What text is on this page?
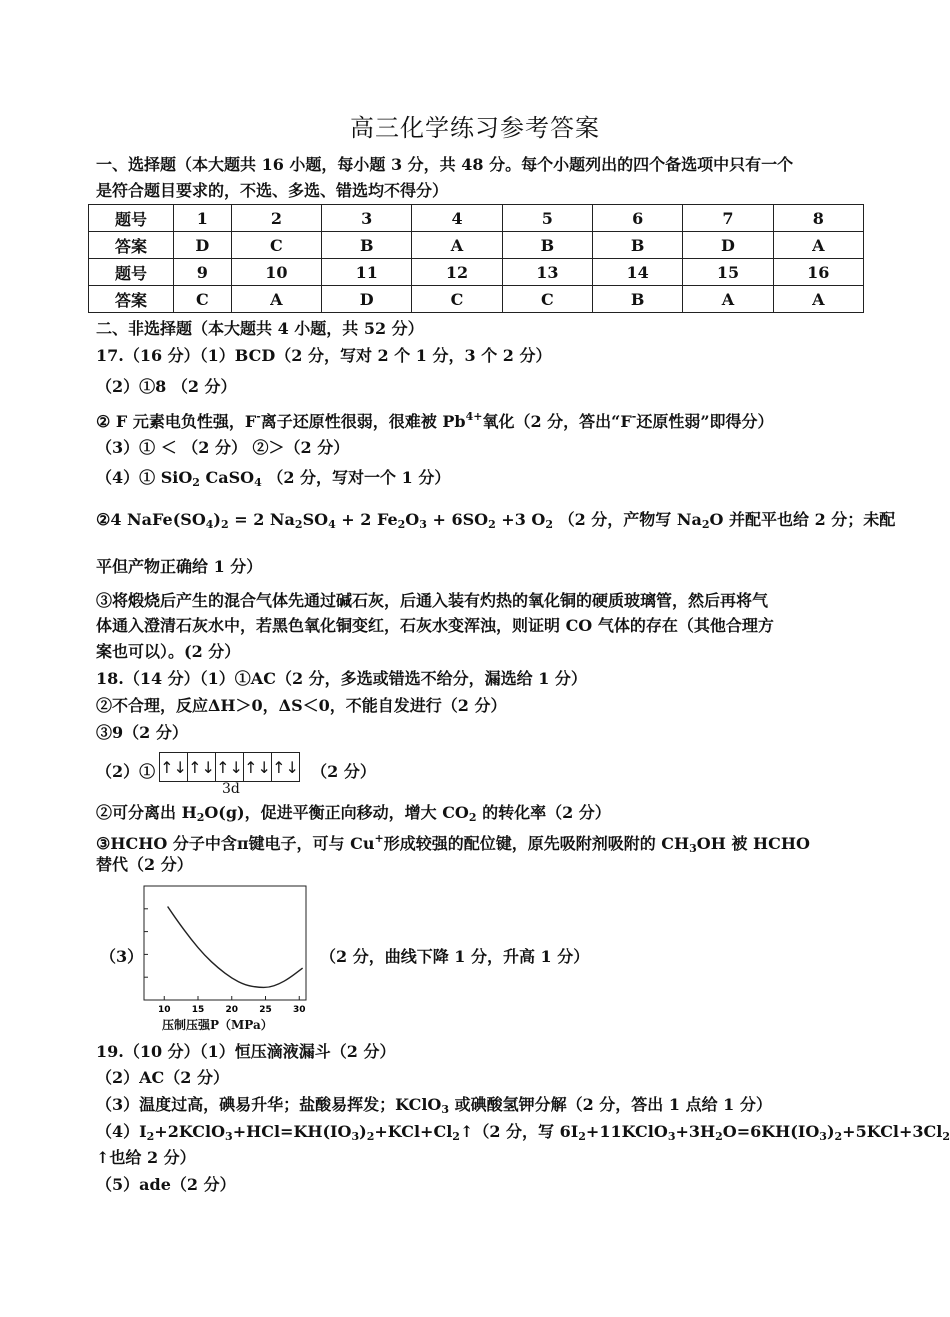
高三化学练习参考答案
一、选择题（本大题共 16 小题，每小题 3 分，共 48 分。每个小题列出的四个备选项中只有一个
是符合题目要求的，不选、多选、错选均不得分）
题号	1	2	3	4	5	6	7	8
答案	D	C	B	A	B	B	D	A
题号	9	10	11	12	13	14	15	16
答案	C	A	D	C	C	B	A	A
二、非选择题（本大题共 4 小题，共 52 分）
17.（16 分）（1）BCD（2 分，写对 2 个 1 分，3 个 2 分）
（2）①8 （2 分）
② F 元素电负性强，F-离子还原性很弱，很难被 $Pb^{4+}$氧化（2 分，答出“F-还原性弱”即得分）
（3）① ＜ （2 分） ②＞（2 分）
（4）① SiO$_2$ CaSO$_4$ （2 分，写对一个 1 分）
②4 $NaFe(SO_4)_2 = 2$ $Na_2SO_4 + 2$ $Fe_2O_3 + 6SO_2 +3$ $O_2$ （2 分，产物写 $Na_2O$ 并配平也给 2 分；未配
平但产物正确给 1 分）
③将煅烧后产生的混合气体先通过碱石灰，后通入装有灼热的氧化铜的硬质玻璃管，然后再将气
体通入澄清石灰水中，若黑色氧化铜变红，石灰水变浑浊，则证明 CO 气体的存在（其他合理方
案也可以）。(2 分）
18.（14 分）（1）①AC（2 分，多选或错选不给分，漏选给 1 分）
②不合理，反应ΔH＞0，ΔS＜0，不能自发进行（2 分）
③9（2 分）
（2）①	（2 分）
↑↓ ↑↓ ↑↓ ↑↓ ↑↓
3d
②可分离出 $H_2O(g)$，促进平衡正向移动，增大 $CO_2$ 的转化率（2 分）
③HCHO 分子中含π键电子，可与 Cu+形成较强的配位键，原先吸附剂吸附的 $CH_3OH$ 被 HCHO
替代（2 分）
（3）
10 15 20 25 30
压制压强P（MPa）
（2 分，曲线下降 1 分，升高 1 分）
19.（10 分）（1）恒压滴液漏斗（2 分）
（2）AC（2 分）
（3）温度过高，碘易升华；盐酸易挥发；KClO$_3$ 或碘酸氢钾分解（2 分，答出 1 点给 1 分）
$(4)I_2+2KClO_3+HCl=KH(IO_3)_2+KCl+Cl_2↑(2$ 分，写 $6I_2+11KClO_3+3H_2O=6KH(IO_3)_2+5KCl+3Cl_2$
↑也给 2 分）
（5）ade（2 分）
